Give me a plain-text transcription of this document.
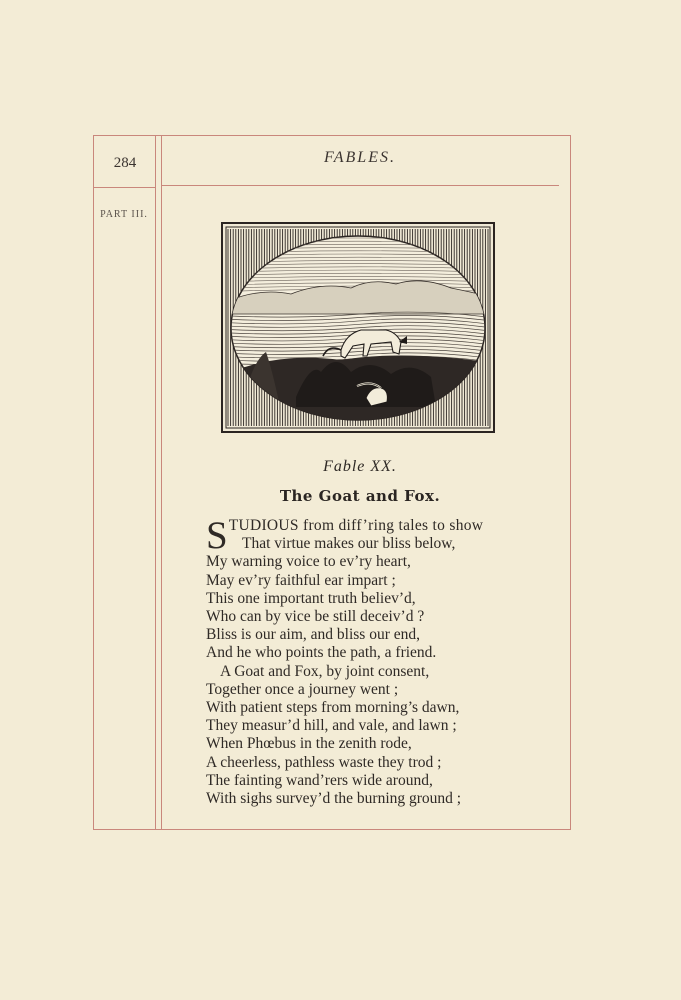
284	FABLES.
PART III.
Fable XX.
The Goat and Fox.
STUDIOUS from diff’ring tales to show
That virtue makes our bliss below,
My warning voice to ev’ry heart,
May ev’ry faithful ear impart ;
This one important truth believ’d,
Who can by vice be still deceiv’d ?
Bliss is our aim, and bliss our end,
And he who points the path, a friend.
A Goat and Fox, by joint consent,
Together once a journey went ;
With patient steps from morning’s dawn,
They measur’d hill, and vale, and lawn ;
When Phœbus in the zenith rode,
A cheerless, pathless waste they trod ;
The fainting wand’rers wide around,
With sighs survey’d the burning ground ;
